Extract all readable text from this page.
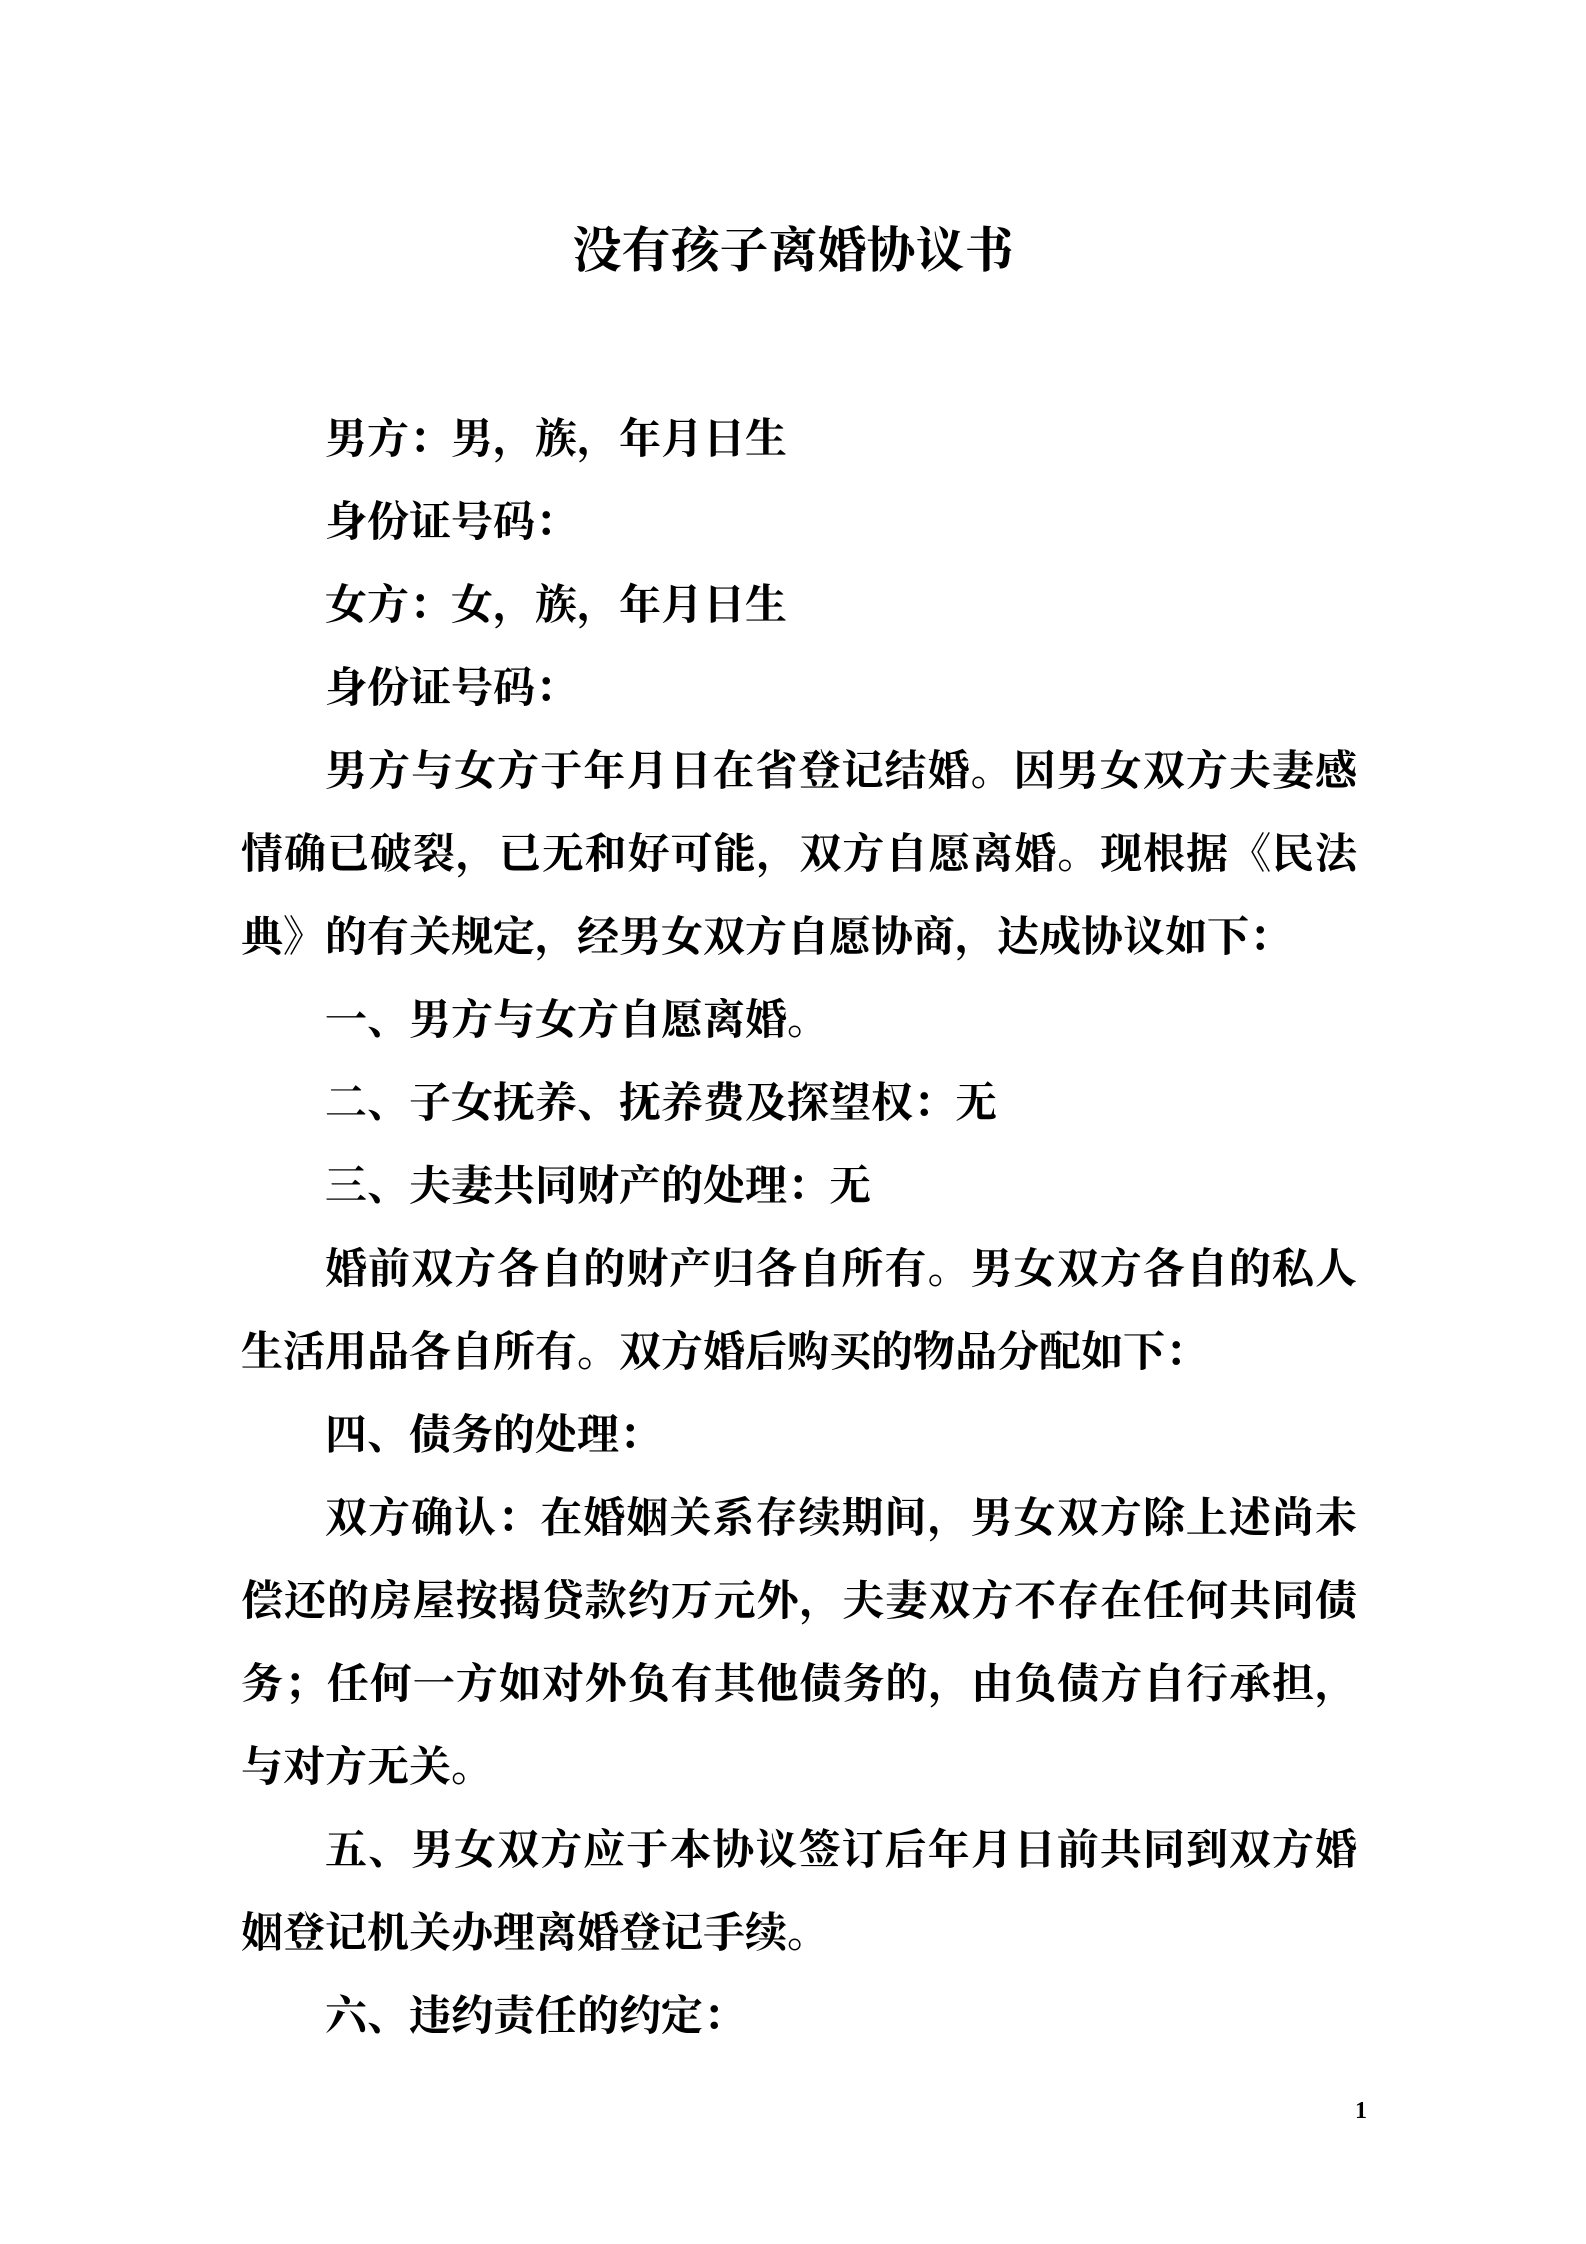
没有孩子离婚协议书

男方：男，族，年月日生

身份证号码：

女方：女，族，年月日生

身份证号码：

男方与女方于年月日在省登记结婚。因男女双方夫妻感情确已破裂，已无和好可能，双方自愿离婚。现根据《民法典》的有关规定，经男女双方自愿协商，达成协议如下：

一、男方与女方自愿离婚。

二、子女抚养、抚养费及探望权：无

三、夫妻共同财产的处理：无

婚前双方各自的财产归各自所有。男女双方各自的私人生活用品各自所有。双方婚后购买的物品分配如下：

四、债务的处理：

双方确认：在婚姻关系存续期间，男女双方除上述尚未偿还的房屋按揭贷款约万元外，夫妻双方不存在任何共同债务；任何一方如对外负有其他债务的，由负债方自行承担，与对方无关。

五、男女双方应于本协议签订后年月日前共同到双方婚姻登记机关办理离婚登记手续。

六、违约责任的约定：

1
